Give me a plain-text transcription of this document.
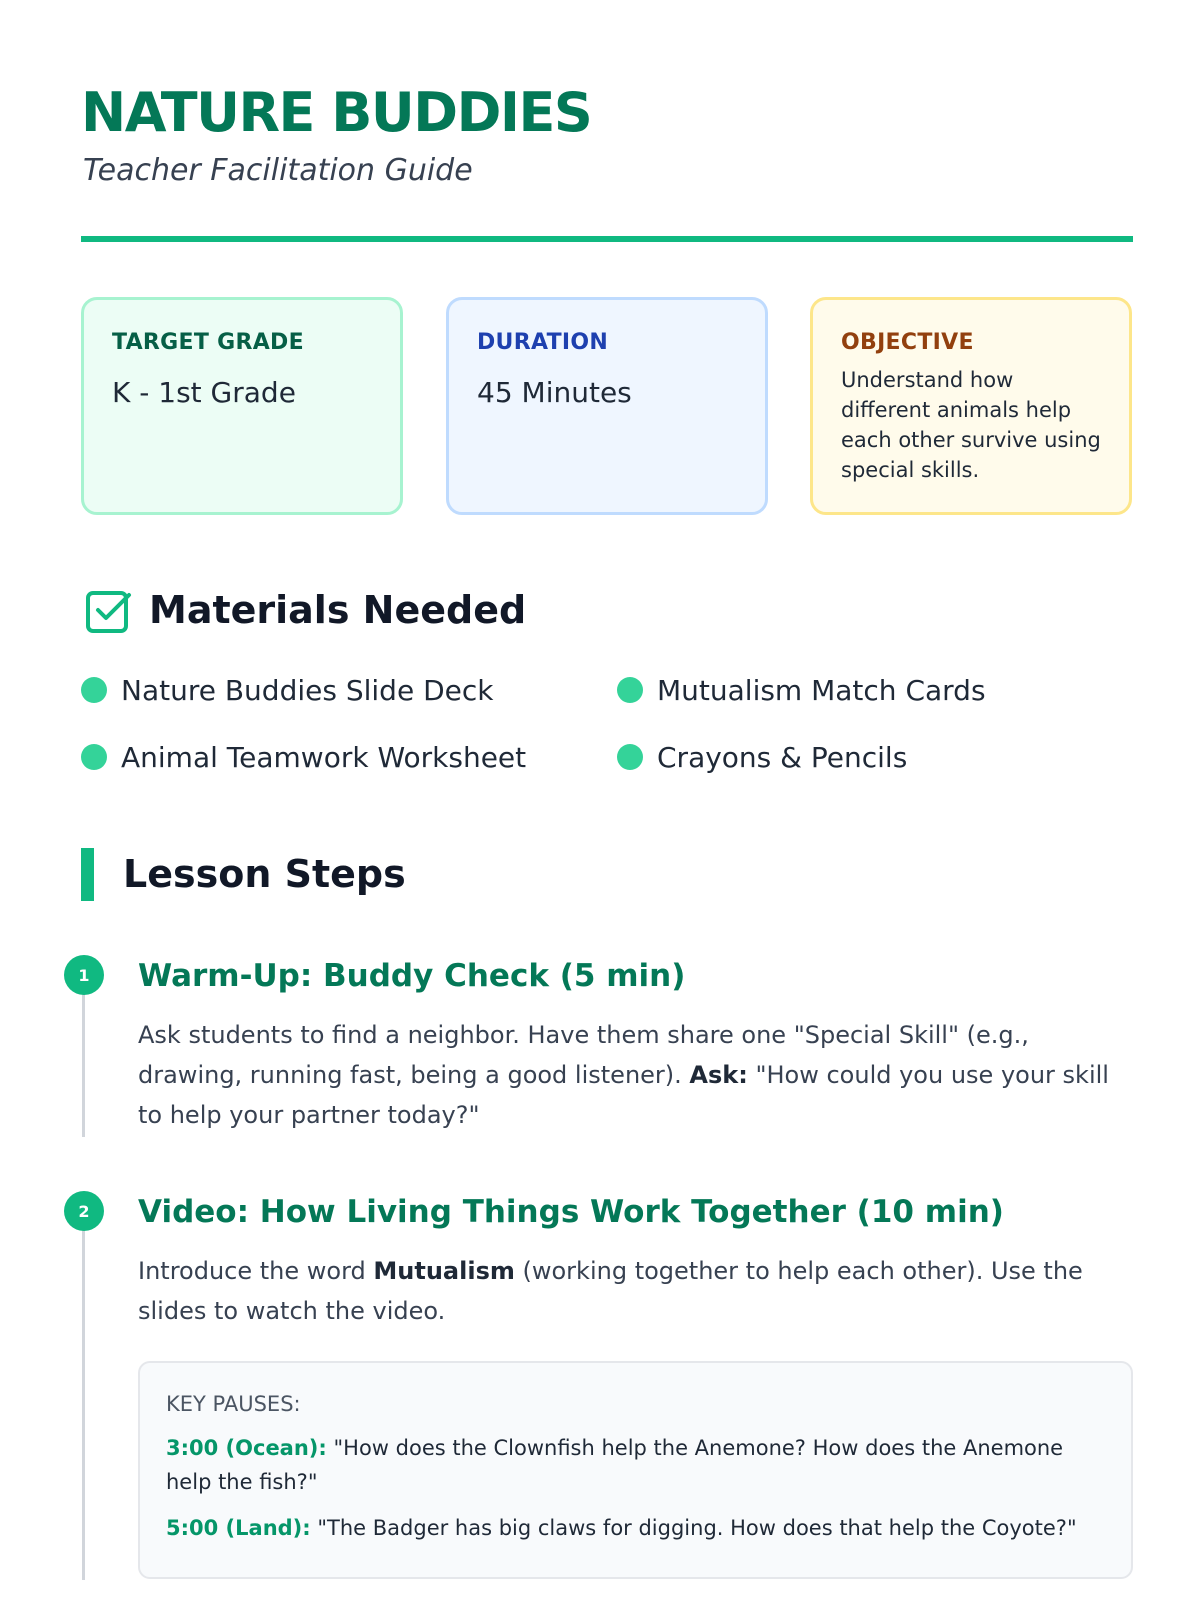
NATURE BUDDIES
Teacher Facilitation Guide
TARGET GRADE
K - 1st Grade
DURATION
45 Minutes
OBJECTIVE
Understand how different animals help each other survive using special skills.
Materials Needed
Nature Buddies Slide Deck	Mutualism Match Cards
Animal Teamwork Worksheet	Crayons & Pencils
Lesson Steps
1	Warm-Up: Buddy Check (5 min)

Ask students to find a neighbor. Have them share one "Special Skill" (e.g., drawing, running fast, being a good listener). Ask: "How could you use your skill to help your partner today?"

2	Video: How Living Things Work Together (10 min)

Introduce the word Mutualism (working together to help each other). Use the slides to watch the video.

KEY PAUSES:

3:00 (Ocean): "How does the Clownfish help the Anemone? How does the Anemone help the fish?"

5:00 (Land): "The Badger has big claws for digging. How does that help the Coyote?"
